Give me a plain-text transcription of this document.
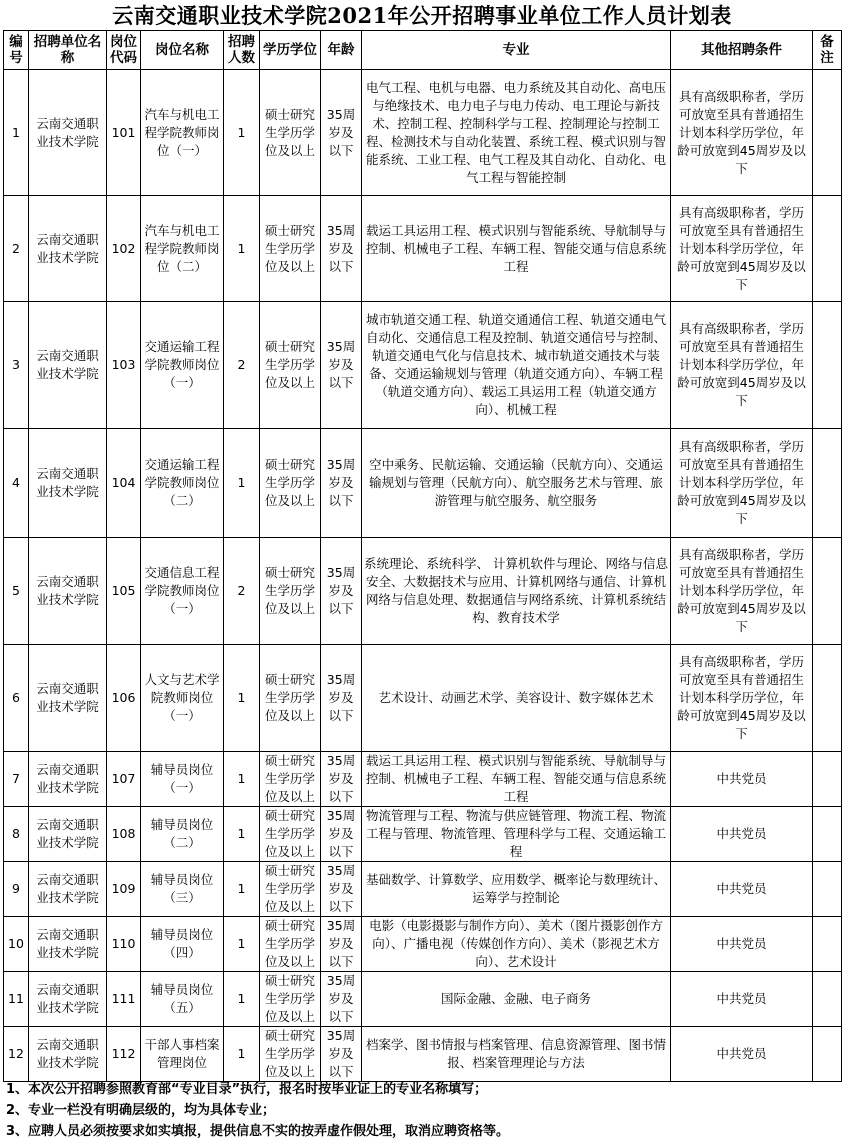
云南交通职业技术学院2021年公开招聘事业单位工作人员计划表
编号	招聘单位名称	岗位代码	岗位名称	招聘人数	学历学位	年龄	专业	其他招聘条件	备注
1	云南交通职业技术学院	101	汽车与机电工程学院教师岗位（一）	1	硕士研究生学历学位及以上	35周岁及以下	电气工程、电机与电器、电力系统及其自动化、高电压与绝缘技术、电力电子与电力传动、电工理论与新技术、控制工程、控制科学与工程、控制理论与控制工程、检测技术与自动化装置、系统工程、模式识别与智能系统、工业工程、电气工程及其自动化、自动化、电气工程与智能控制	具有高级职称者，学历可放宽至具有普通招生计划本科学历学位，年龄可放宽到45周岁及以下	
2	云南交通职业技术学院	102	汽车与机电工程学院教师岗位（二）	1	硕士研究生学历学位及以上	35周岁及以下	载运工具运用工程、模式识别与智能系统、导航制导与控制、机械电子工程、车辆工程、智能交通与信息系统工程	具有高级职称者，学历可放宽至具有普通招生计划本科学历学位，年龄可放宽到45周岁及以下	
3	云南交通职业技术学院	103	交通运输工程学院教师岗位（一）	2	硕士研究生学历学位及以上	35周岁及以下	城市轨道交通工程、轨道交通通信工程、轨道交通电气自动化、交通信息工程及控制、轨道交通信号与控制、轨道交通电气化与信息技术、城市轨道交通技术与装备、交通运输规划与管理（轨道交通方向）、车辆工程（轨道交通方向）、载运工具运用工程（轨道交通方向）、机械工程	具有高级职称者，学历可放宽至具有普通招生计划本科学历学位，年龄可放宽到45周岁及以下	
4	云南交通职业技术学院	104	交通运输工程学院教师岗位（二）	1	硕士研究生学历学位及以上	35周岁及以下	空中乘务、民航运输、交通运输（民航方向）、交通运输规划与管理（民航方向）、航空服务艺术与管理、旅游管理与航空服务、航空服务	具有高级职称者，学历可放宽至具有普通招生计划本科学历学位，年龄可放宽到45周岁及以下	
5	云南交通职业技术学院	105	交通信息工程学院教师岗位（一）	2	硕士研究生学历学位及以上	35周岁及以下	系统理论、系统科学、 计算机软件与理论、网络与信息安全、大数据技术与应用、计算机网络与通信、计算机网络与信息处理、数据通信与网络系统、计算机系统结构、教育技术学	具有高级职称者，学历可放宽至具有普通招生计划本科学历学位，年龄可放宽到45周岁及以下	
6	云南交通职业技术学院	106	人文与艺术学院教师岗位（一）	1	硕士研究生学历学位及以上	35周岁及以下	艺术设计、动画艺术学、美容设计、数字媒体艺术	具有高级职称者，学历可放宽至具有普通招生计划本科学历学位，年龄可放宽到45周岁及以下	
7	云南交通职业技术学院	107	辅导员岗位（一）	1	硕士研究生学历学位及以上	35周岁及以下	载运工具运用工程、模式识别与智能系统、导航制导与控制、机械电子工程、车辆工程、智能交通与信息系统工程	中共党员	
8	云南交通职业技术学院	108	辅导员岗位（二）	1	硕士研究生学历学位及以上	35周岁及以下	物流管理与工程、物流与供应链管理、物流工程、物流工程与管理、物流管理、管理科学与工程、交通运输工程	中共党员	
9	云南交通职业技术学院	109	辅导员岗位（三）	1	硕士研究生学历学位及以上	35周岁及以下	基础数学、计算数学、应用数学、概率论与数理统计、运筹学与控制论	中共党员	
10	云南交通职业技术学院	110	辅导员岗位（四）	1	硕士研究生学历学位及以上	35周岁及以下	电影（电影摄影与制作方向）、美术（图片摄影创作方向）、广播电视（传媒创作方向）、美术（影视艺术方向）、艺术设计	中共党员	
11	云南交通职业技术学院	111	辅导员岗位（五）	1	硕士研究生学历学位及以上	35周岁及以下	国际金融、金融、电子商务	中共党员	
12	云南交通职业技术学院	112	干部人事档案管理岗位	1	硕士研究生学历学位及以上	35周岁及以下	档案学、图书情报与档案管理、信息资源管理、图书情报、档案管理理论与方法	中共党员	
1、本次公开招聘参照教育部“专业目录”执行，报名时按毕业证上的专业名称填写；
2、专业一栏没有明确层级的，均为具体专业；
3、应聘人员必须按要求如实填报，提供信息不实的按弄虚作假处理，取消应聘资格等。
